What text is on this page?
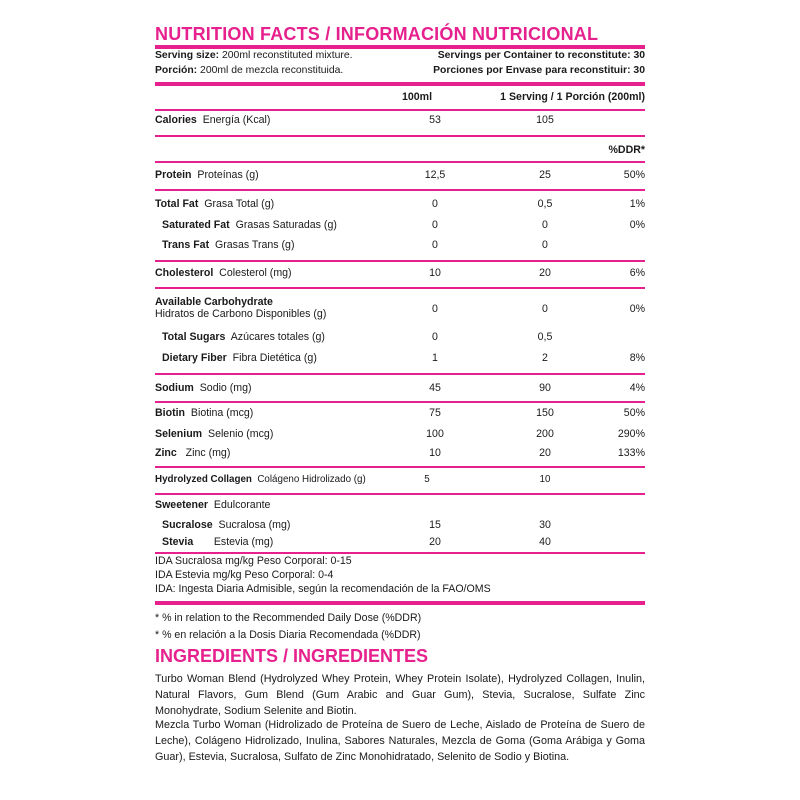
NUTRITION FACTS / INFORMACIÓN NUTRICIONAL
Serving size: 200ml reconstituted mixture.	Servings per Container to reconstitute: 30
Porción: 200ml de mezcla reconstituida.	Porciones por Envase para reconstituir: 30
100ml	1 Serving / 1 Porción (200ml)
Calories Energía (Kcal)	53	105
%DDR*
Protein Proteínas (g)	12,5	25	50%
Total Fat Grasa Total (g)	0	0,5	1%
Saturated Fat Grasas Saturadas (g)	0	0	0%
Trans Fat Grasas Trans (g)	0	0
Cholesterol Colesterol (mg)	10	20	6%
Available Carbohydrate
Hidratos de Carbono Disponibles (g)	0	0	0%
Total Sugars Azúcares totales (g)	0	0,5
Dietary Fiber Fibra Dietética (g)	1	2	8%
Sodium Sodio (mg)	45	90	4%
Biotin Biotina (mcg)	75	150	50%
Selenium Selenio (mcg)	100	200	290%
Zinc Zinc (mg)	10	20	133%
Hydrolyzed Collagen Colágeno Hidrolizado (g)	5	10
Sweetener Edulcorante
Sucralose Sucralosa (mg)	15	30
Stevia Estevia (mg)	20	40
IDA Sucralosa mg/kg Peso Corporal: 0-15
IDA Estevia mg/kg Peso Corporal: 0-4
IDA: Ingesta Diaria Admisible, según la recomendación de la FAO/OMS
* % in relation to the Recommended Daily Dose (%DDR)
* % en relación a la Dosis Diaria Recomendada (%DDR)
INGREDIENTS / INGREDIENTES
Turbo Woman Blend (Hydrolyzed Whey Protein, Whey Protein Isolate), Hydrolyzed Collagen, Inulin, Natural Flavors, Gum Blend (Gum Arabic and Guar Gum), Stevia, Sucralose, Sulfate Zinc Monohydrate, Sodium Selenite and Biotin.
Mezcla Turbo Woman (Hidrolizado de Proteína de Suero de Leche, Aislado de Proteína de Suero de Leche), Colágeno Hidrolizado, Inulina, Sabores Naturales, Mezcla de Goma (Goma Arábiga y Goma Guar), Estevia, Sucralosa, Sulfato de Zinc Monohidratado, Selenito de Sodio y Biotina.
